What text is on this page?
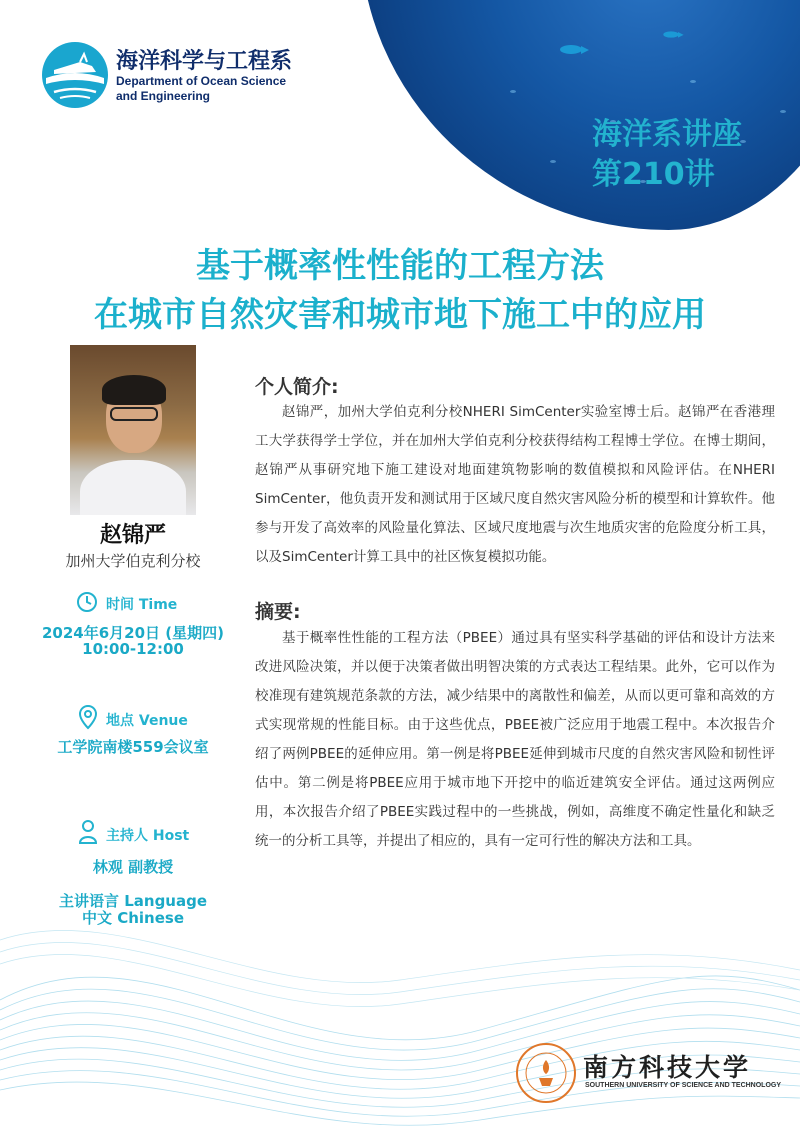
海洋系讲座
第210讲
海洋科学与工程系
Department of Ocean Science
and Engineering
基于概率性性能的工程方法
在城市自然灾害和城市地下施工中的应用
赵锦严
加州大学伯克利分校
时间 Time
2024年6月20日 (星期四)
10:00-12:00
地点 Venue
工学院南楼559会议室
主持人 Host
林观 副教授
主讲语言 Language
中文 Chinese
个人简介:
赵锦严，加州大学伯克利分校NHERI SimCenter实验室博士后。赵锦严在香港理工大学获得学士学位，并在加州大学伯克利分校获得结构工程博士学位。在博士期间，赵锦严从事研究地下施工建设对地面建筑物影响的数值模拟和风险评估。在NHERI SimCenter，他负责开发和测试用于区域尺度自然灾害风险分析的模型和计算软件。他参与开发了高效率的风险量化算法、区域尺度地震与次生地质灾害的危险度分析工具，以及SimCenter计算工具中的社区恢复模拟功能。
摘要:
基于概率性性能的工程方法（PBEE）通过具有坚实科学基础的评估和设计方法来改进风险决策，并以便于决策者做出明智决策的方式表达工程结果。此外，它可以作为校准现有建筑规范条款的方法，减少结果中的离散性和偏差，从而以更可靠和高效的方式实现常规的性能目标。由于这些优点，PBEE被广泛应用于地震工程中。本次报告介绍了两例PBEE的延伸应用。第一例是将PBEE延伸到城市尺度的自然灾害风险和韧性评估中。第二例是将PBEE应用于城市地下开挖中的临近建筑安全评估。通过这两例应用，本次报告介绍了PBEE实践过程中的一些挑战，例如，高维度不确定性量化和缺乏统一的分析工具等，并提出了相应的，具有一定可行性的解决方法和工具。
南方科技大学
SOUTHERN UNIVERSITY OF SCIENCE AND TECHNOLOGY
